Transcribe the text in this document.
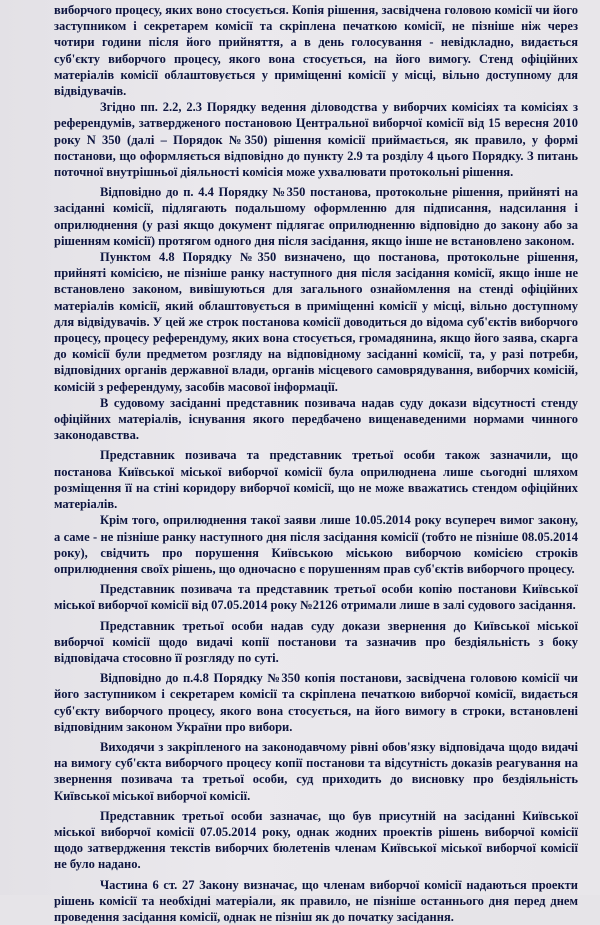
виборчого процесу, яких воно стосується. Копія рішення, засвідчена головою комісії чи його заступником і секретарем комісії та скріплена печаткою комісії, не пізніше ніж через чотири години після його прийняття, а в день голосування - невідкладно, видається суб'єкту виборчого процесу, якого вона стосується, на його вимогу. Стенд офіційних матеріалів комісії облаштовується у приміщенні комісії у місці, вільно доступному для відвідувачів.

Згідно пп. 2.2, 2.3 Порядку ведення діловодства у виборчих комісіях та комісіях з референдумів, затвердженого постановою Центральної виборчої комісії від 15 вересня 2010 року N 350 (далі – Порядок №350) рішення комісії приймається, як правило, у формі постанови, що оформляється відповідно до пункту 2.9 та розділу 4 цього Порядку. З питань поточної внутрішньої діяльності комісія може ухвалювати протокольні рішення.

Відповідно до п. 4.4 Порядку №350 постанова, протокольне рішення, прийняті на засіданні комісії, підлягають подальшому оформленню для підписання, надсилання і оприлюднення (у разі якщо документ підлягає оприлюдненню відповідно до закону або за рішенням комісії) протягом одного дня після засідання, якщо інше не встановлено законом.

Пунктом 4.8 Порядку №350 визначено, що постанова, протокольне рішення, прийняті комісією, не пізніше ранку наступного дня після засідання комісії, якщо інше не встановлено законом, вивішуються для загального ознайомлення на стенді офіційних матеріалів комісії, який облаштовується в приміщенні комісії у місці, вільно доступному для відвідувачів. У цей же строк постанова комісії доводиться до відома суб'єктів виборчого процесу, процесу референдуму, яких вона стосується, громадянина, якщо його заява, скарга до комісії були предметом розгляду на відповідному засіданні комісії, та, у разі потреби, відповідних органів державної влади, органів місцевого самоврядування, виборчих комісій, комісій з референдуму, засобів масової інформації.

В судовому засіданні представник позивача надав суду докази відсутності стенду офіційних матеріалів, існування якого передбачено вищенаведеними нормами чинного законодавства.

Представник позивача та представник третьої особи також зазначили, що постанова Київської міської виборчої комісії була оприлюднена лише сьогодні шляхом розміщення її на стіні коридору виборчої комісії, що не може вважатись стендом офіційних матеріалів.

Крім того, оприлюднення такої заяви лише 10.05.2014 року всупереч вимог закону, а саме - не пізніше ранку наступного дня після засідання комісії (тобто не пізніше 08.05.2014 року), свідчить про порушення Київською міською виборчою комісією строків оприлюднення своїх рішень, що одночасно є порушенням прав суб'єктів виборчого процесу.

Представник позивача та представник третьої особи копію постанови Київської міської виборчої комісії від 07.05.2014 року №2126 отримали лише в залі судового засідання.

Представник третьої особи надав суду докази звернення до Київської міської виборчої комісії щодо видачі копії постанови та зазначив про бездіяльність з боку відповідача стосовно її розгляду по суті.

Відповідно до п.4.8 Порядку №350 копія постанови, засвідчена головою комісії чи його заступником і секретарем комісії та скріплена печаткою виборчої комісії, видається суб'єкту виборчого процесу, якого вона стосується, на його вимогу в строки, встановлені відповідним законом України про вибори.

Виходячи з закріпленого на законодавчому рівні обов'язку відповідача щодо видачі на вимогу суб'єкта виборчого процесу копії постанови та відсутність доказів реагування на звернення позивача та третьої особи, суд приходить до висновку про бездіяльність Київської міської виборчої комісії.

Представник третьої особи зазначає, що був присутній на засіданні Київської міської виборчої комісії 07.05.2014 року, однак жодних проектів рішень виборчої комісії щодо затвердження текстів виборчих бюлетенів членам Київської міської виборчої комісії не було надано.

Частина 6 ст. 27 Закону визначає, що членам виборчої комісії надаються проекти рішень комісії та необхідні матеріали, як правило, не пізніше останнього дня перед днем проведення засідання комісії, однак не пізніш як до початку засідання.
